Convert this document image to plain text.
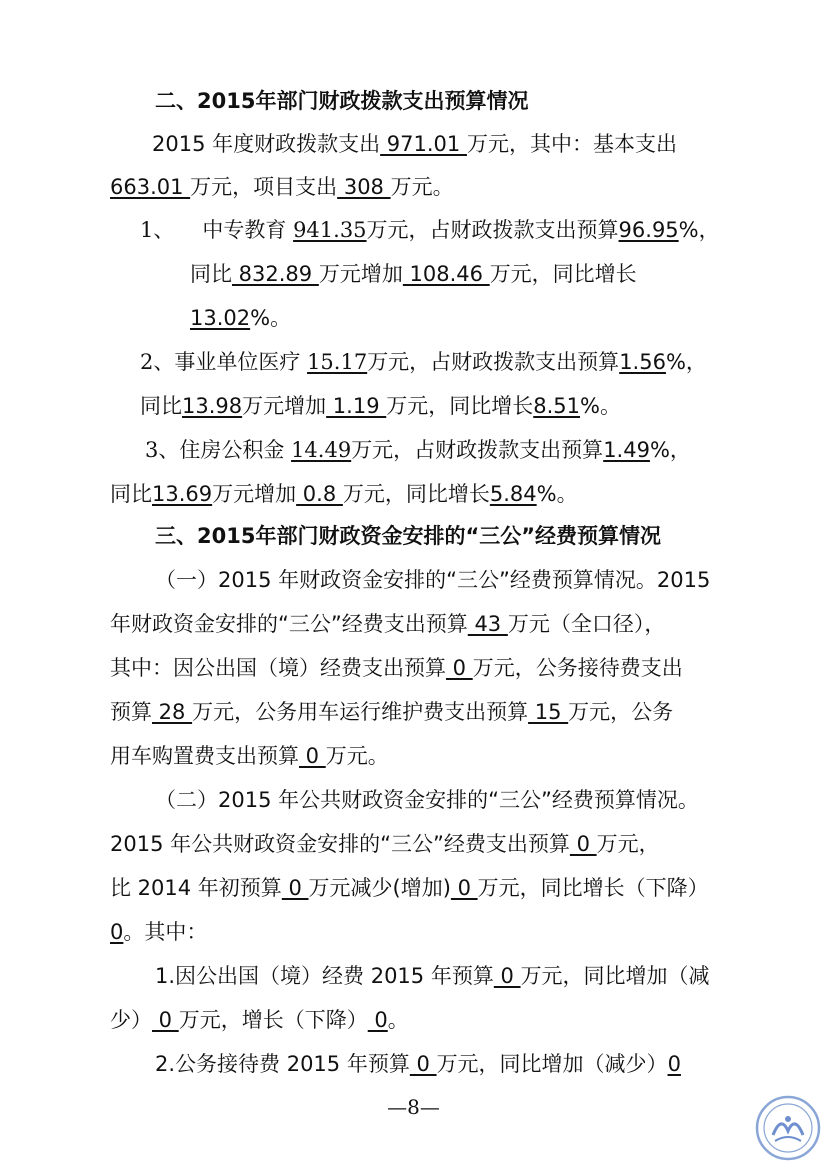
二、2015年部门财政拨款支出预算情况
2015 年度财政拨款支出 971.01 万元，其中：基本支出
663.01 万元，项目支出 308 万元。
1、 中专教育 941.35万元，占财政拨款支出预算96.95%，
同比 832.89 万元增加 108.46 万元，同比增长
13.02%。
2、事业单位医疗 15.17万元，占财政拨款支出预算1.56%，
同比13.98万元增加 1.19 万元，同比增长8.51%。
3、住房公积金 14.49万元，占财政拨款支出预算1.49%，
同比13.69万元增加 0.8 万元，同比增长5.84%。
三、2015年部门财政资金安排的“三公”经费预算情况
（一）2015 年财政资金安排的“三公”经费预算情况。2015
年财政资金安排的“三公”经费支出预算 43 万元（全口径），
其中：因公出国（境）经费支出预算 0 万元，公务接待费支出
预算 28 万元，公务用车运行维护费支出预算 15 万元，公务
用车购置费支出预算 0 万元。
（二）2015 年公共财政资金安排的“三公”经费预算情况。
2015 年公共财政资金安排的“三公”经费支出预算 0 万元，
比 2014 年初预算 0 万元减少(增加) 0 万元，同比增长（下降）
0。其中：
1.因公出国（境）经费 2015 年预算 0 万元，同比增加（减
少） 0 万元，增长（下降） 0。
2.公务接待费 2015 年预算 0 万元，同比增加（减少）0
—8—
